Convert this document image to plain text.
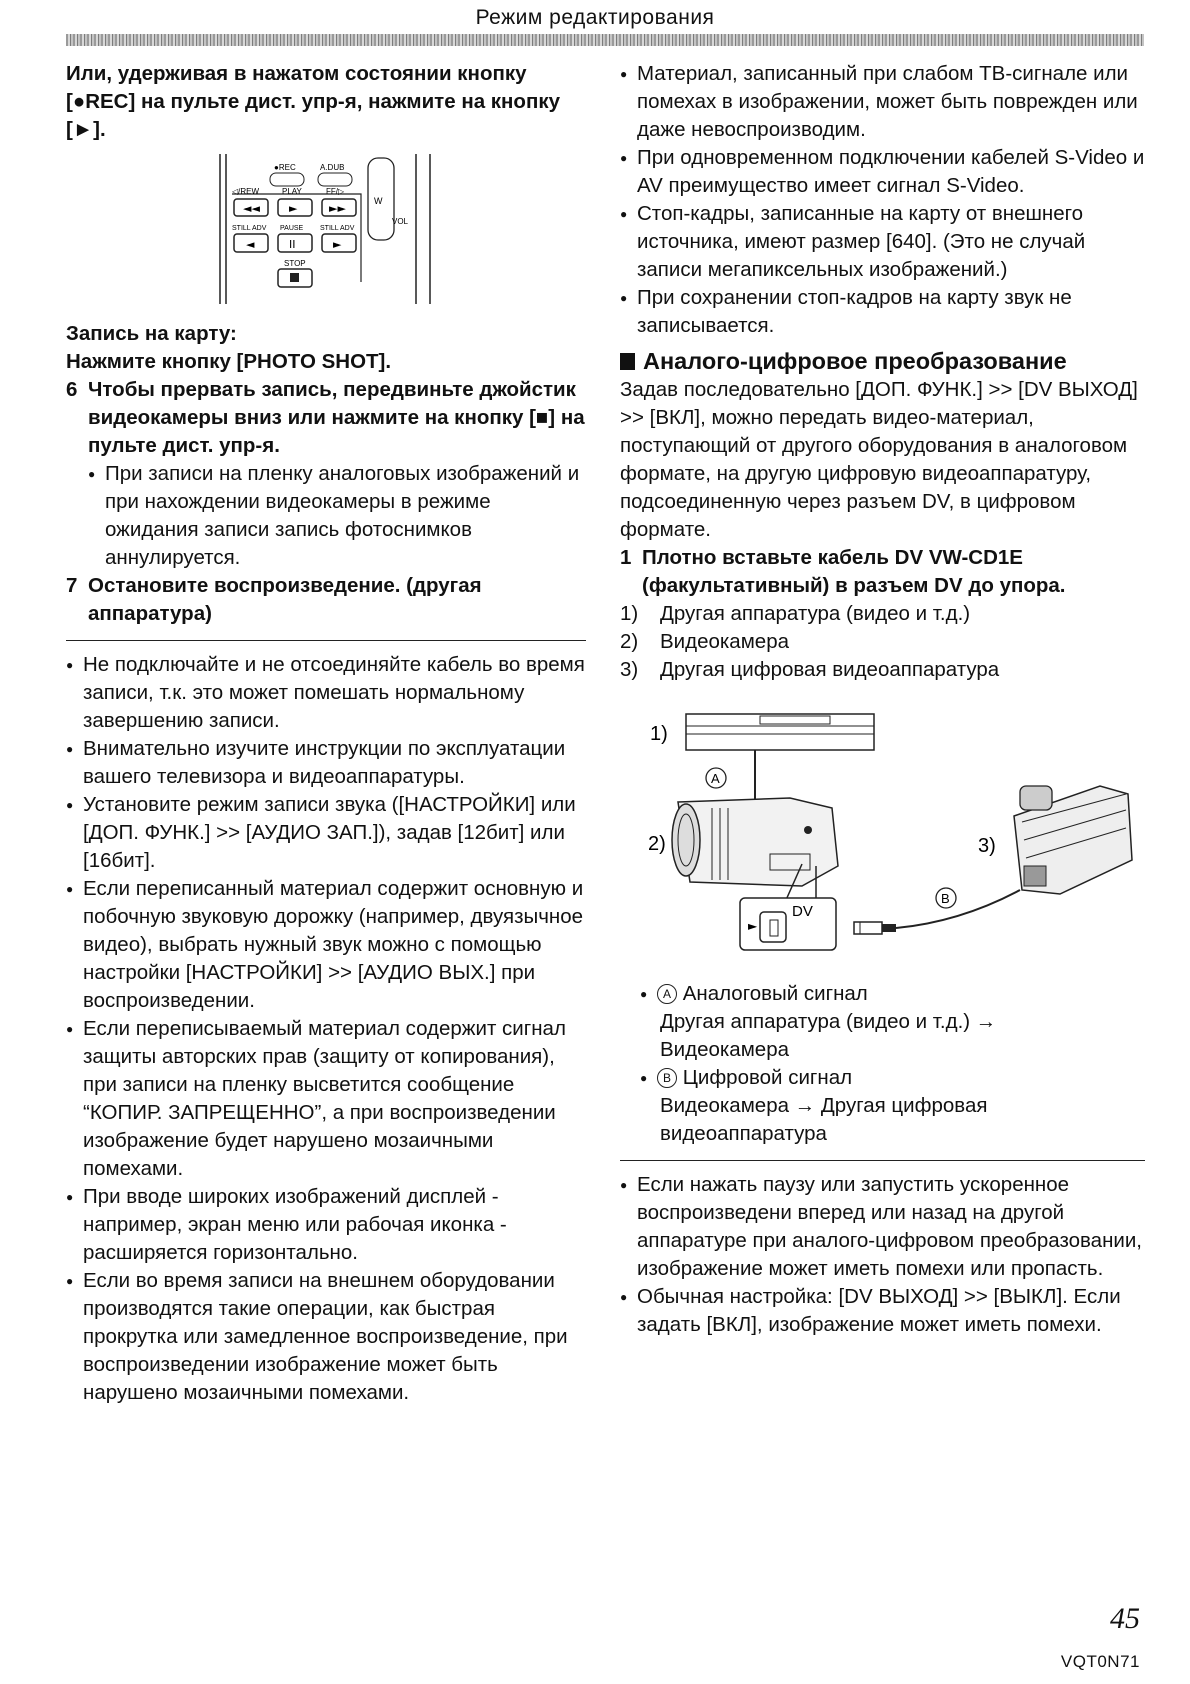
Режим редактирования

Или, удерживая в нажатом состоянии кнопку [●REC] на пульте дист. упр-я, нажмите на кнопку [►].

●REC	A.DUB
◁/REW	PLAY	FF/▷
◄◄	►	►►
STILL ADV PAUSE STILL ADV
◄	II	►
STOP
W
VOL

Запись на карту:

Нажмите кнопку [PHOTO SHOT].

6 Чтобы прервать запись, передвиньте джойстик видеокамеры вниз или нажмите на кнопку [■] на пульте дист. упр-я.

● При записи на пленку аналоговых изображений и при нахождении видеокамеры в режиме ожидания записи запись фотоснимков аннулируется.

7 Остановите воспроизведение. (другая аппаратура)

● Не подключайте и не отсоединяйте кабель во время записи, т.к. это может помешать нормальному завершению записи.

● Внимательно изучите инструкции по эксплуатации вашего телевизора и видеоаппаратуры.

● Установите режим записи звука ([НАСТРОЙКИ] или [ДОП. ФУНК.] >> [АУДИО ЗАП.]), задав [12бит] или [16бит].

● Если переписанный материал содержит основную и побочную звуковую дорожку (например, двуязычное видео), выбрать нужный звук можно с помощью настройки [НАСТРОЙКИ] >> [АУДИО ВЫХ.] при воспроизведении.

● Если переписываемый материал содержит сигнал защиты авторских прав (защиту от копирования), при записи на пленку высветится сообщение “КОПИР. ЗАПРЕЩЕННО”, а при воспроизведении изображение будет нарушено мозаичными помехами.

● При вводе широких изображений дисплей - например, экран меню или рабочая иконка - расширяется горизонтально.

● Если во время записи на внешнем оборудовании производятся такие операции, как быстрая прокрутка или замедленное воспроизведение, при воспроизведении изображение может быть нарушено мозаичными помехами.

● Материал, записанный при слабом ТВ-сигнале или помехах в изображении, может быть поврежден или даже невоспроизводим.

● При одновременном подключении кабелей S-Video и AV преимущество имеет сигнал S-Video.

● Стоп-кадры, записанные на карту от внешнего источника, имеют размер [640]. (Это не случай записи мегапиксельных изображений.)

● При сохранении стоп-кадров на карту звук не записывается.

Аналого-цифровое преобразование

Задав последовательно [ДОП. ФУНК.] >> [DV ВЫХОД] >> [ВКЛ], можно передать видео-материал, поступающий от другого оборудования в аналоговом формате, на другую цифровую видеоаппаратуру, подсоединенную через разъем DV, в цифровом формате.

1 Плотно вставьте кабель DV VW-CD1E (факультативный) в разъем DV до упора.

1) Другая аппаратура (видео и т.д.)

2) Видеокамера

3) Другая цифровая видеоаппаратура

1)
2)	3)
A
►
DV
B

● A Аналоговый сигнал

Другая аппаратура (видео и т.д.) →

Видеокамера

● B Цифровой сигнал

Видеокамера → Другая цифровая

видеоаппаратура

● Если нажать паузу или запустить ускоренное воспроизведени вперед или назад на другой аппаратуре при аналого-цифровом преобразовании, изображение может иметь помехи или пропасть.

● Обычная настройка: [DV ВЫХОД] >> [ВЫКЛ]. Если задать [ВКЛ], изображение может иметь помехи.

45
VQT0N71
